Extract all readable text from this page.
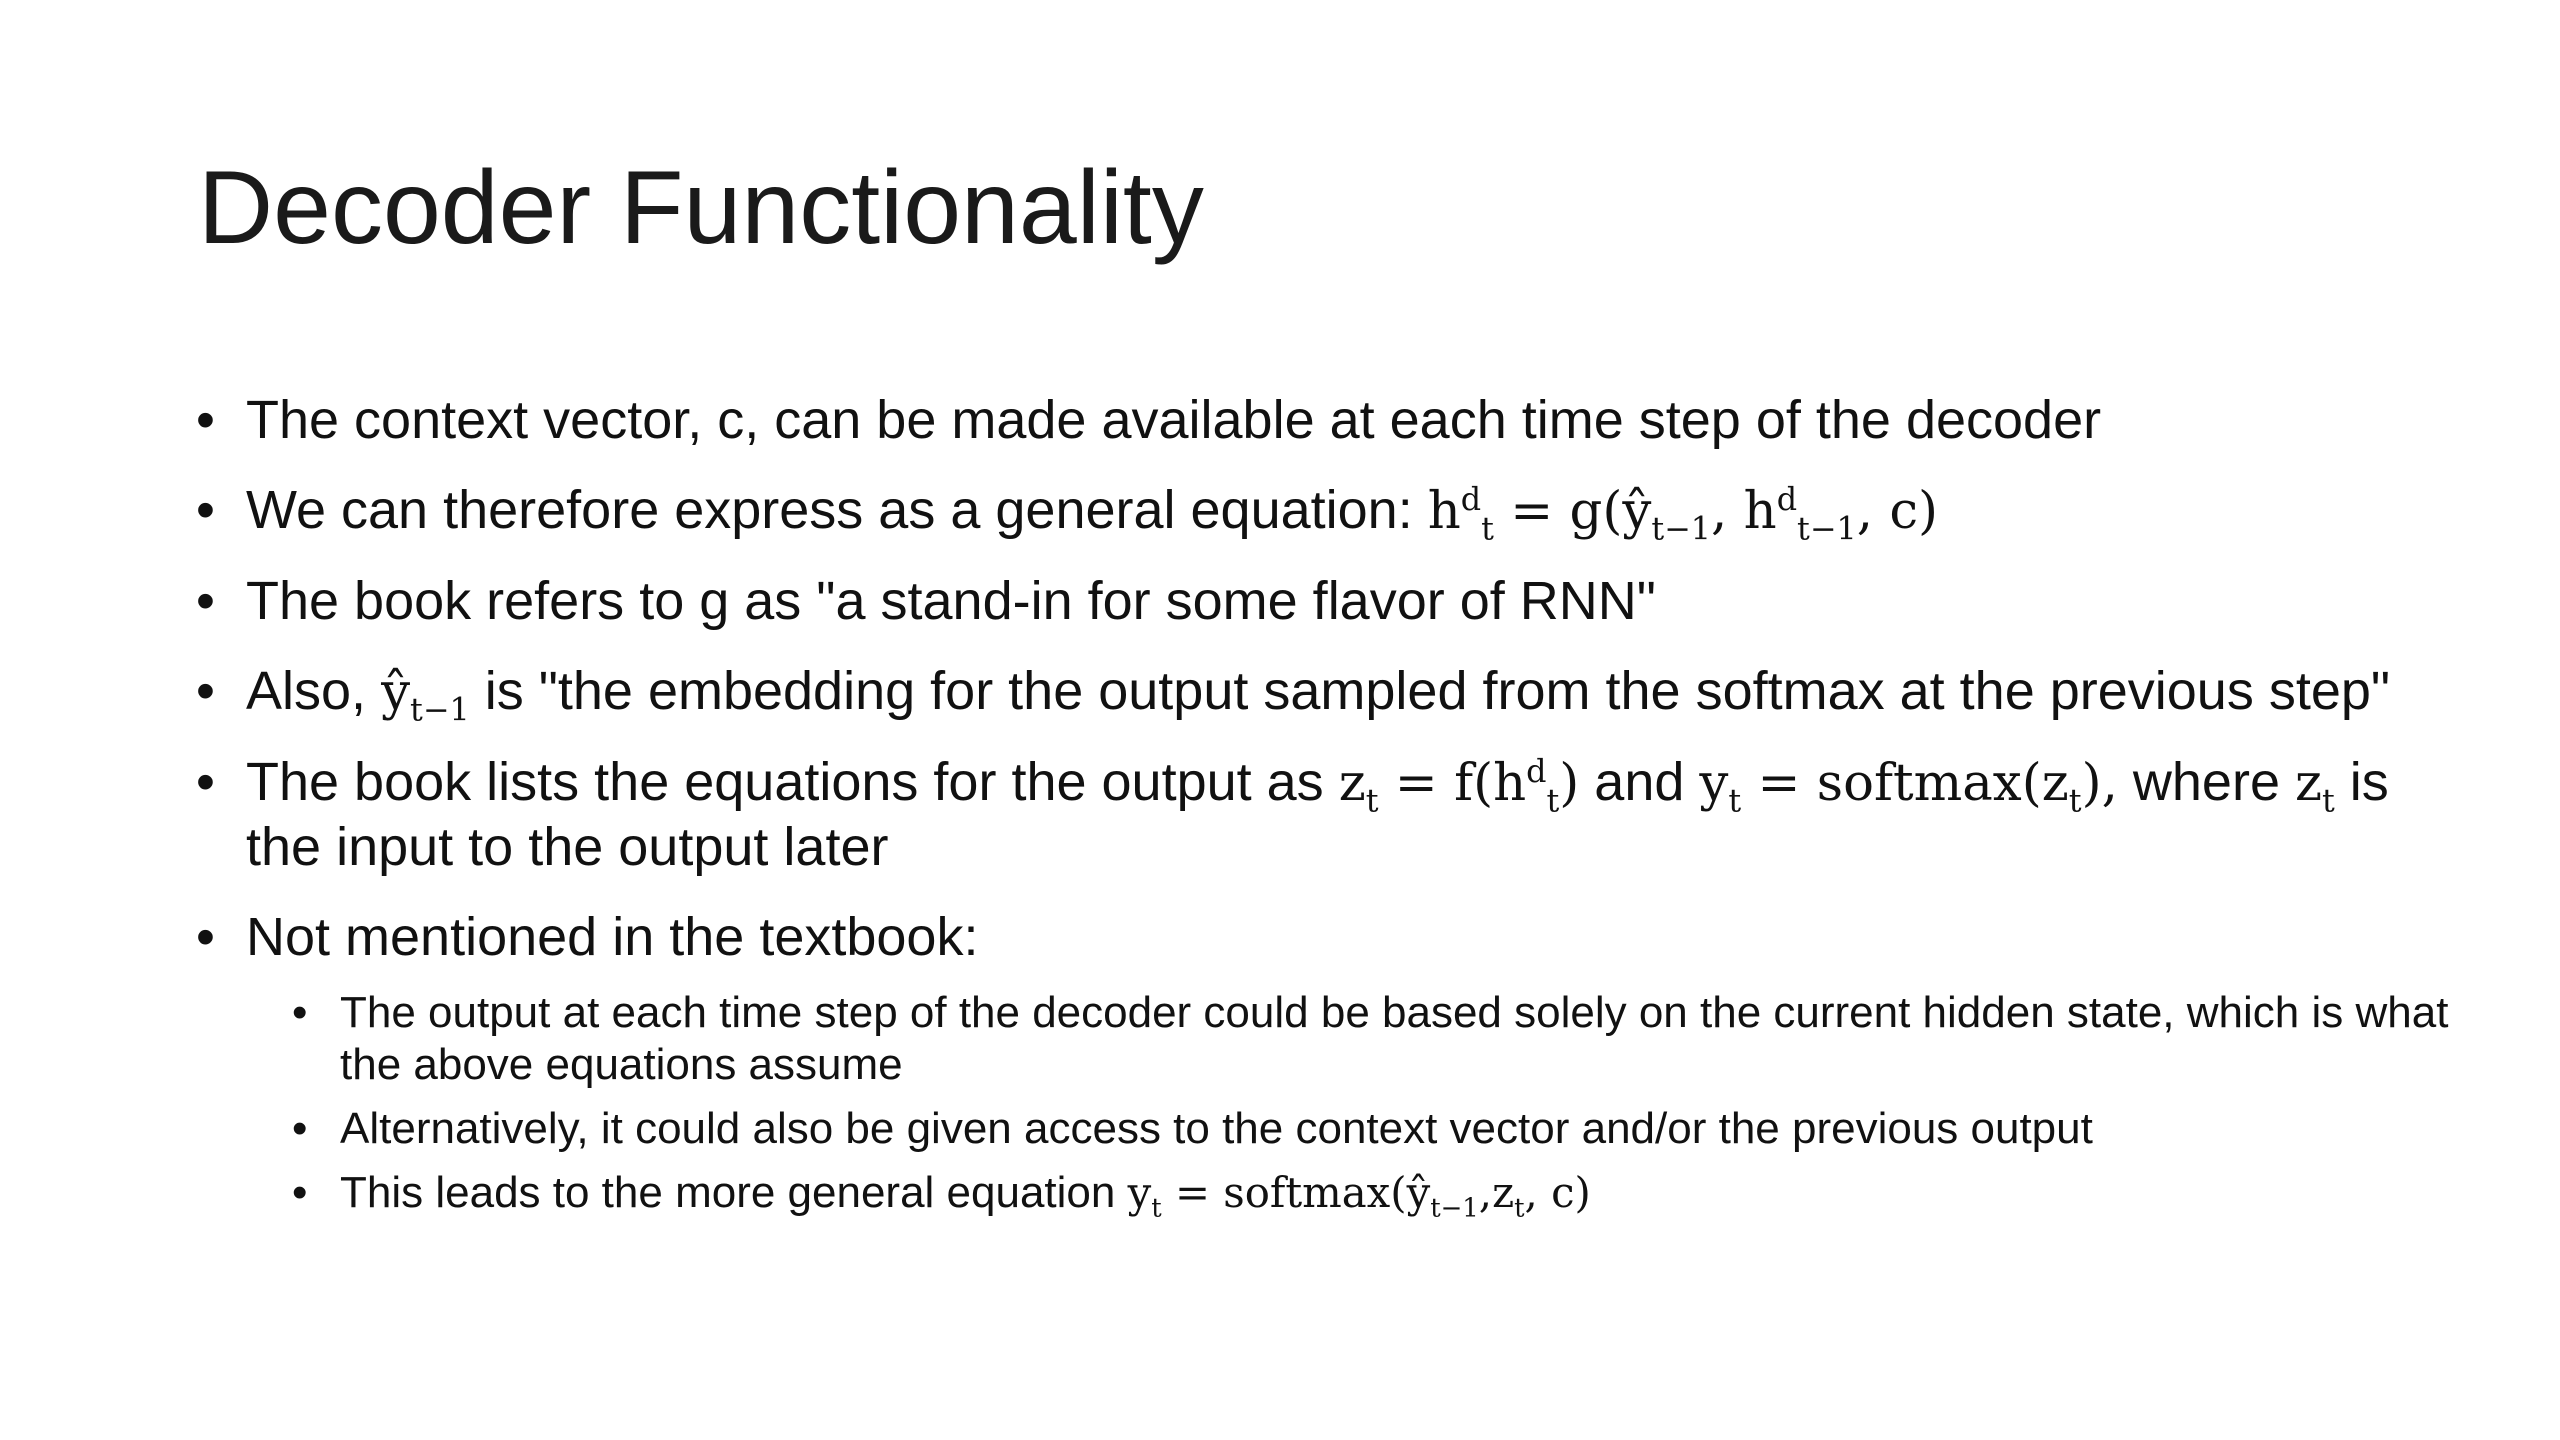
Decoder Functionality
• The context vector, c, can be made available at each time step of the decoder
• We can therefore express as a general equation: $h^d_t$ = $g(ŷ_{t-1}$, $h^d_{t-1}$, c)
• The book refers to g as "a stand-in for some flavor of RNN"
• Also, $ŷ_{t-1}$ is "the embedding for the output sampled from the softmax at the previous step"
• The book lists the equations for the output as $z_t = f(h^d_t)$ and $y_t$ = $softmax(z_t)$, where $z_t$ is the input to the output later
• Not mentioned in the textbook:
• The output at each time step of the decoder could be based solely on the current hidden state, which is what the above equations assume
• Alternatively, it could also be given access to the context vector and/or the previous output
• This leads to the more general equation $y_t$ = $softmax(ŷ_{t-1},z_t$, c)
